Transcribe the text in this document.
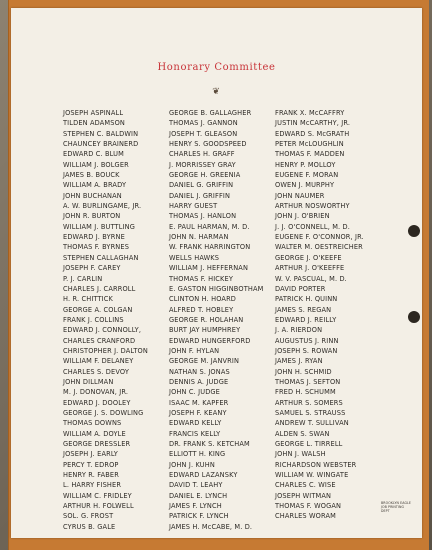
Honorary Committee
❦
JOSEPH ASPINALL
TILDEN ADAMSON
STEPHEN C. BALDWIN
CHAUNCEY BRAINERD
EDWARD C. BLUM
WILLIAM J. BOLGER
JAMES B. BOUCK
WILLIAM A. BRADY
JOHN BUCHANAN
A. W. BURLINGAME, JR.
JOHN R. BURTON
WILLIAM J. BUTTLING
EDWARD J. BYRNE
THOMAS F. BYRNES
STEPHEN CALLAGHAN
JOSEPH F. CAREY
P. J. CARLIN
CHARLES J. CARROLL
H. R. CHITTICK
GEORGE A. COLGAN
FRANK J. COLLINS
EDWARD J. CONNOLLY,
CHARLES CRANFORD
CHRISTOPHER J. DALTON
WILLIAM F. DELANEY
CHARLES S. DEVOY
JOHN DILLMAN
M. J. DONOVAN, JR.
EDWARD J. DOOLEY
GEORGE J. S. DOWLING
THOMAS DOWNS
WILLIAM A. DOYLE
GEORGE DRESSLER
JOSEPH J. EARLY
PERCY T. EDROP
HENRY R. FABER
L. HARRY FISHER
WILLIAM C. FRIDLEY
ARTHUR H. FOLWELL
SOL. G. FROST
CYRUS B. GALE
GEORGE B. GALLAGHER
THOMAS J. GANNON
JOSEPH T. GLEASON
HENRY S. GOODSPEED
CHARLES H. GRAFF
J. MORRISSEY GRAY
GEORGE H. GREENIA
DANIEL G. GRIFFIN
DANIEL J. GRIFFIN
HARRY GUEST
THOMAS J. HANLON
E. PAUL HARMAN, M. D.
JOHN N. HARMAN
W. FRANK HARRINGTON
WELLS HAWKS
WILLIAM J. HEFFERNAN
THOMAS F. HICKEY
E. GASTON HIGGINBOTHAM
CLINTON H. HOARD
ALFRED T. HOBLEY
GEORGE R. HOLAHAN
BURT JAY HUMPHREY
EDWARD HUNGERFORD
JOHN F. HYLAN
GEORGE M. JANVRIN
NATHAN S. JONAS
DENNIS A. JUDGE
JOHN C. JUDGE
ISAAC M. KAPFER
JOSEPH F. KEANY
EDWARD KELLY
FRANCIS KELLY
DR. FRANK S. KETCHAM
ELLIOTT H. KING
JOHN J. KUHN
EDWARD LAZANSKY
DAVID T. LEAHY
DANIEL E. LYNCH
JAMES F. LYNCH
PATRICK F. LYNCH
JAMES H. McCABE, M. D.
FRANK X. McCAFFRY
JUSTIN McCARTHY, JR.
EDWARD S. McGRATH
PETER McLOUGHLIN
THOMAS F. MADDEN
HENRY P. MOLLOY
EUGENE F. MORAN
OWEN J. MURPHY
JOHN NAUMER
ARTHUR NOSWORTHY
JOHN J. O'BRIEN
J. J. O'CONNELL, M. D.
EUGENE F. O'CONNOR, JR.
WALTER M. OESTREICHER
GEORGE J. O'KEEFE
ARTHUR J. O'KEEFFE
W. V. PASCUAL, M. D.
DAVID PORTER
PATRICK H. QUINN
JAMES S. REGAN
EDWARD J. REILLY
J. A. RIERDON
AUGUSTUS J. RINN
JOSEPH S. ROWAN
JAMES J. RYAN
JOHN H. SCHMID
THOMAS J. SEFTON
FRED H. SCHUMM
ARTHUR S. SOMERS
SAMUEL S. STRAUSS
ANDREW T. SULLIVAN
ALDEN S. SWAN
GEORGE L. TIRRELL
JOHN J. WALSH
RICHARDSON WEBSTER
WILLIAM W. WINGATE
CHARLES C. WISE
JOSEPH WITMAN
THOMAS F. WOGAN
CHARLES WORAM
BROOKLYN EAGLE
JOB PRINTING
DEPT
